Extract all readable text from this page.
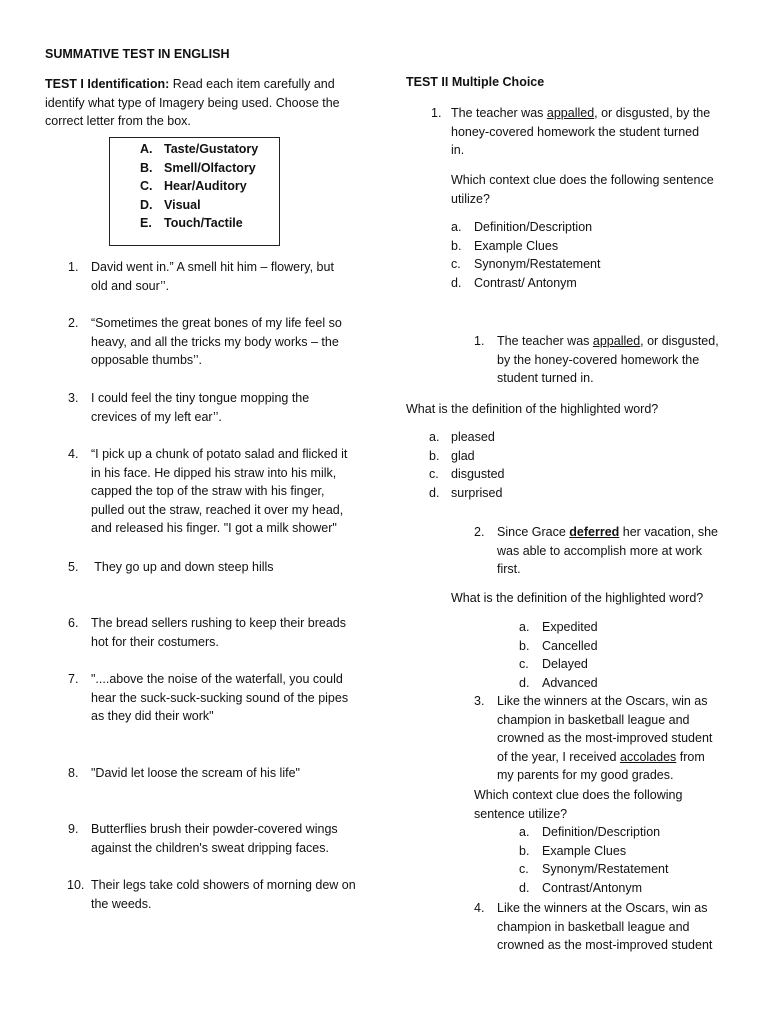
SUMMATIVE TEST IN ENGLISH
TEST I Identification: Read each item carefully and
identify what type of Imagery being used. Choose the
correct letter from the box.
A. Taste/Gustatory
B. Smell/Olfactory
C. Hear/Auditory
D. Visual
E. Touch/Tactile
1. David went in.” A smell hit him – flowery, but
old and sour’’.
2. “Sometimes the great bones of my life feel so
heavy, and all the tricks my body works – the
opposable thumbs’’.
3. I could feel the tiny tongue mopping the
crevices of my left ear’’.
4. “I pick up a chunk of potato salad and flicked it
in his face. He dipped his straw into his milk,
capped the top of the straw with his finger,
pulled out the straw, reached it over my head,
and released his finger. "I got a milk shower"
5. They go up and down steep hills
6. The bread sellers rushing to keep their breads
hot for their costumers.
7. "....above the noise of the waterfall, you could
hear the suck-suck-sucking sound of the pipes
as they did their work"
8. "David let loose the scream of his life"
9. Butterflies brush their powder-covered wings
against the children's sweat dripping faces.
10. Their legs take cold showers of morning dew on
the weeds.
TEST II Multiple Choice
1. The teacher was appalled, or disgusted, by the
honey-covered homework the student turned
in.
Which context clue does the following sentence
utilize?
a. Definition/Description
b. Example Clues
c. Synonym/Restatement
d. Contrast/ Antonym
1. The teacher was appalled, or disgusted,
by the honey-covered homework the
student turned in.
What is the definition of the highlighted word?
a. pleased
b. glad
c. disgusted
d. surprised
2. Since Grace deferred her vacation, she
was able to accomplish more at work
first.
What is the definition of the highlighted word?
a. Expedited
b. Cancelled
c. Delayed
d. Advanced
3. Like the winners at the Oscars, win as
champion in basketball league and
crowned as the most-improved student
of the year, I received accolades from
my parents for my good grades.
Which context clue does the following
sentence utilize?
a. Definition/Description
b. Example Clues
c. Synonym/Restatement
d. Contrast/Antonym
4. Like the winners at the Oscars, win as
champion in basketball league and
crowned as the most-improved student
